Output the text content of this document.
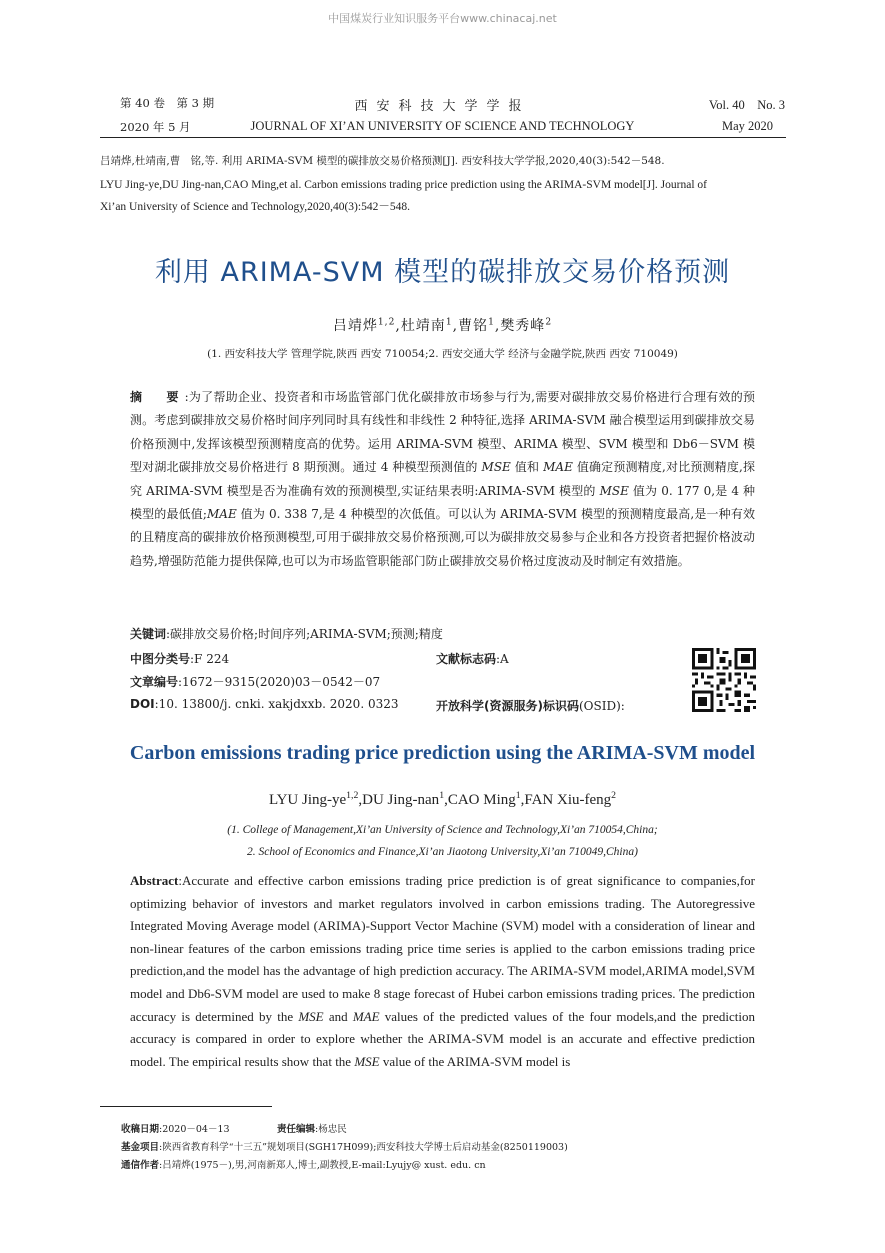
中国煤炭行业知识服务平台www.chinacaj.net
第 40 卷　第 3 期
2020 年 5 月
西安科技大学学报
JOURNAL OF XI’AN UNIVERSITY OF SCIENCE AND TECHNOLOGY
Vol. 40　No. 3
May 2020
吕靖烨,杜靖南,曹　铭,等. 利用 ARIMA-SVM 模型的碳排放交易价格预测[J]. 西安科技大学学报,2020,40(3):542－548.
LYU Jing-ye,DU Jing-nan,CAO Ming,et al. Carbon emissions trading price prediction using the ARIMA-SVM model[J]. Journal of
Xi’an University of Science and Technology,2020,40(3):542－548.
利用 ARIMA-SVM 模型的碳排放交易价格预测
吕靖烨$^{1,2}$,杜靖南$^1$,曹铭$^1$,樊秀峰$^2$
(1. 西安科技大学 管理学院,陕西 西安 710054;2. 西安交通大学 经济与金融学院,陕西 西安 710049)
摘　要:为了帮助企业、投资者和市场监管部门优化碳排放市场参与行为,需要对碳排放交易价格进行合理有效的预测。考虑到碳排放交易价格时间序列同时具有线性和非线性 2 种特征,选择 ARIMA-SVM 融合模型运用到碳排放交易价格预测中,发挥该模型预测精度高的优势。运用 ARIMA-SVM 模型、ARIMA 模型、SVM 模型和 Db6－SVM 模型对湖北碳排放交易价格进行 8 期预测。通过 4 种模型预测值的 MSE 值和 MAE 值确定预测精度,对比预测精度,探究 ARIMA-SVM 模型是否为准确有效的预测模型,实证结果表明:ARIMA-SVM 模型的 MSE 值为 0. 177 0,是 4 种模型的最低值;MAE 值为 0. 338 7,是 4 种模型的次低值。可以认为 ARIMA-SVM 模型的预测精度最高,是一种有效的且精度高的碳排放价格预测模型,可用于碳排放交易价格预测,可以为碳排放交易参与企业和各方投资者把握价格波动趋势,增强防范能力提供保障,也可以为市场监管职能部门防止碳排放交易价格过度波动及时制定有效措施。
关键词:碳排放交易价格;时间序列;ARIMA-SVM;预测;精度
中图分类号:F 224	文献标志码:A
文章编号:1672－9315(2020)03－0542－07
DOI:10. 13800/j. cnki. xakjdxxb. 2020. 0323	开放科学(资源服务)标识码(OSID):
Carbon emissions trading price prediction using the ARIMA-SVM model
LYU Jing-ye$^{1,2}$,DU Jing-nan$^1$,CAO Ming$^1$,FAN Xiu-feng$^2$
(1. College of Management,Xi’an University of Science and Technology,Xi’an 710054,China;
2. School of Economics and Finance,Xi’an Jiaotong University,Xi’an 710049,China)
Abstract:Accurate and effective carbon emissions trading price prediction is of great significance to companies,for optimizing behavior of investors and market regulators involved in carbon emissions trading. The Autoregressive Integrated Moving Average model (ARIMA)-Support Vector Machine (SVM) model with a consideration of linear and non-linear features of the carbon emissions trading price time series is applied to the carbon emissions trading price prediction,and the model has the advantage of high prediction accuracy. The ARIMA-SVM model,ARIMA model,SVM model and Db6-SVM model are used to make 8 stage forecast of Hubei carbon emissions trading prices. The prediction accuracy is determined by the MSE and MAE values of the predicted values of the four models,and the prediction accuracy is compared in order to explore whether the ARIMA-SVM model is an accurate and effective prediction model. The empirical results show that the MSE value of the ARIMA-SVM model is
收稿日期:2020－04－13	责任编辑:杨忠民
基金项目:陕西省教育科学“十三五”规划项目(SGH17H099);西安科技大学博士后启动基金(8250119003)
通信作者:吕靖烨(1975－),男,河南新郑人,博士,副教授,E-mail:Lyujy@ xust. edu. cn
